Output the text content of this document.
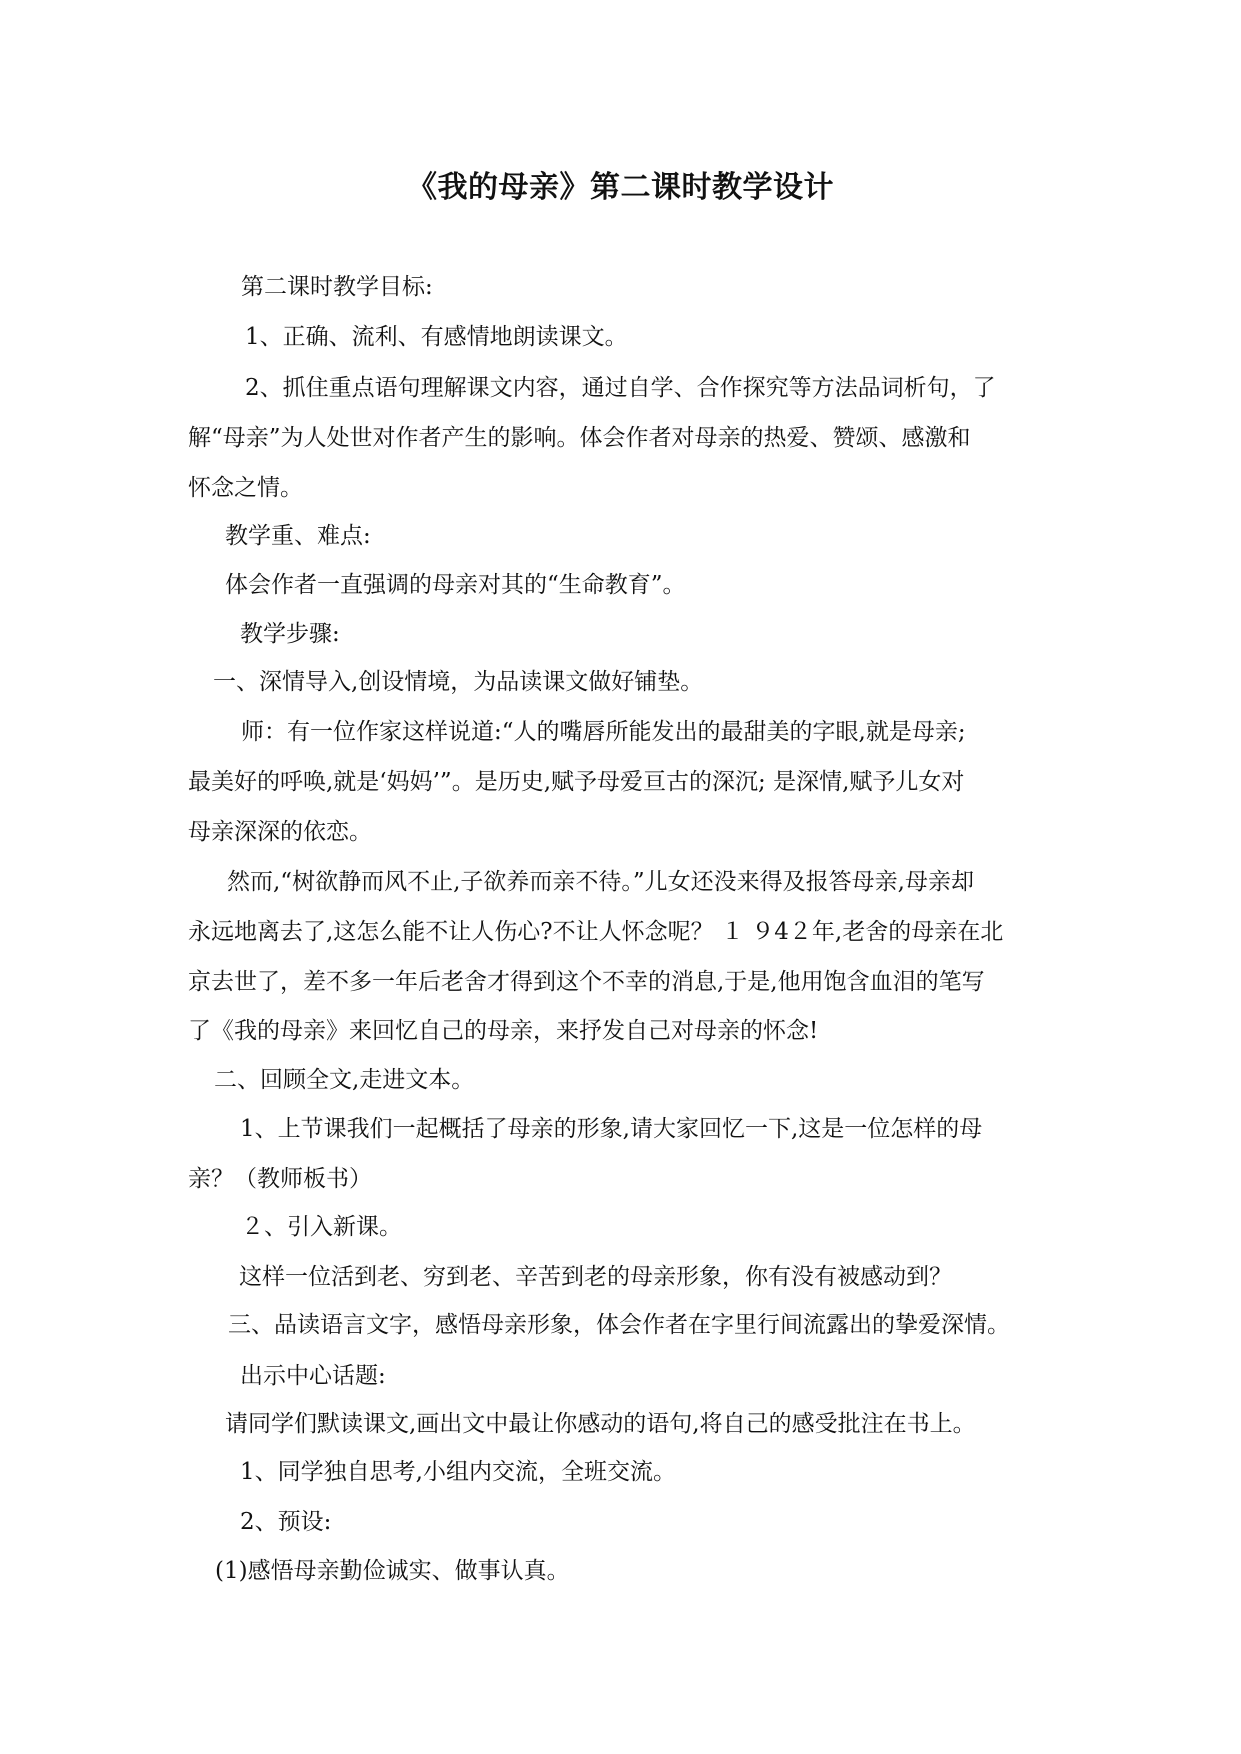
《我的母亲》第二课时教学设计

第二课时教学目标:

1、正确、流利、有感情地朗读课文。

2、抓住重点语句理解课文内容，通过自学、合作探究等方法品词析句，了

解“母亲”为人处世对作者产生的影响。体会作者对母亲的热爱、赞颂、感激和

怀念之情。

教学重、难点:

体会作者一直强调的母亲对其的“生命教育”。

教学步骤:

一、深情导入,创设情境，为品读课文做好铺垫。

师：有一位作家这样说道:“人的嘴唇所能发出的最甜美的字眼,就是母亲;

最美好的呼唤,就是‘妈妈’”。是历史,赋予母爱亘古的深沉; 是深情,赋予儿女对

母亲深深的依恋。

然而,“树欲静而风不止,子欲养而亲不待。”儿女还没来得及报答母亲,母亲却

永远地离去了,这怎么能不让人伤心?不让人怀念呢？ １ ９4２年,老舍的母亲在北

京去世了，差不多一年后老舍才得到这个不幸的消息,于是,他用饱含血泪的笔写

了《我的母亲》来回忆自己的母亲，来抒发自己对母亲的怀念!

二、回顾全文,走进文本。

1、上节课我们一起概括了母亲的形象,请大家回忆一下,这是一位怎样的母

亲？（教师板书）

２、引入新课。

这样一位活到老、穷到老、辛苦到老的母亲形象，你有没有被感动到？

三、品读语言文字，感悟母亲形象，体会作者在字里行间流露出的挚爱深情。

出示中心话题:

请同学们默读课文,画出文中最让你感动的语句,将自己的感受批注在书上。

1、同学独自思考,小组内交流，全班交流。

2、预设:

(1)感悟母亲勤俭诚实、做事认真。
